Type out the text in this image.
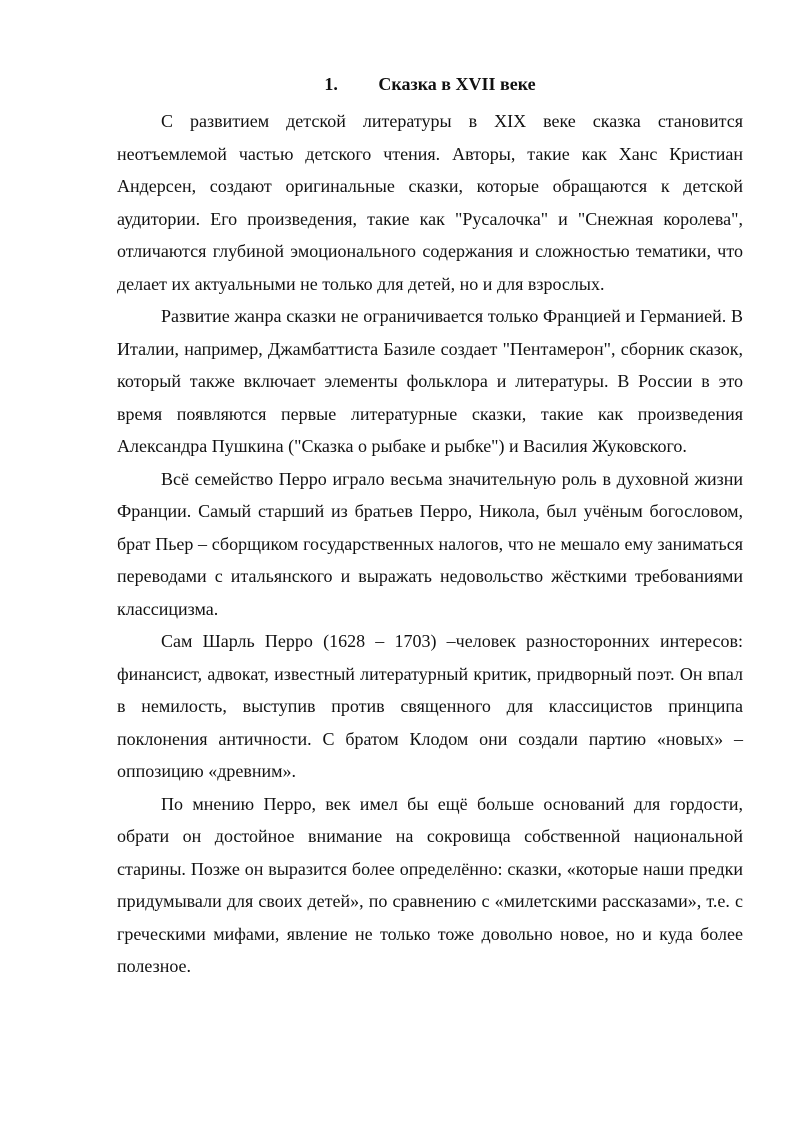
1.	Сказка в XVII веке

С развитием детской литературы в XIX веке сказка становится неотъемлемой частью детского чтения. Авторы, такие как Ханс Кристиан Андерсен, создают оригинальные сказки, которые обращаются к детской аудитории. Его произведения, такие как "Русалочка" и "Снежная королева", отличаются глубиной эмоционального содержания и сложностью тематики, что делает их актуальными не только для детей, но и для взрослых.

Развитие жанра сказки не ограничивается только Францией и Германией. В Италии, например, Джамбаттиста Базиле создает "Пентамерон", сборник сказок, который также включает элементы фольклора и литературы. В России в это время появляются первые литературные сказки, такие как произведения Александра Пушкина ("Сказка о рыбаке и рыбке") и Василия Жуковского.

Всё семейство Перро играло весьма значительную роль в духовной жизни Франции. Самый старший из братьев Перро, Никола, был учёным богословом, брат Пьер – сборщиком государственных налогов, что не мешало ему заниматься переводами с итальянского и выражать недовольство жёсткими требованиями классицизма.

Сам Шарль Перро (1628 – 1703) –человек разносторонних интересов: финансист, адвокат, известный литературный критик, придворный поэт. Он впал в немилость, выступив против священного для классицистов принципа поклонения античности. С братом Клодом они создали партию «новых» – оппозицию «древним».

По мнению Перро, век имел бы ещё больше оснований для гордости, обрати он достойное внимание на сокровища собственной национальной старины. Позже он выразится более определённо: сказки, «которые наши предки придумывали для своих детей», по сравнению с «милетскими рассказами», т.е. с греческими мифами, явление не только тоже довольно новое, но и куда более полезное.
